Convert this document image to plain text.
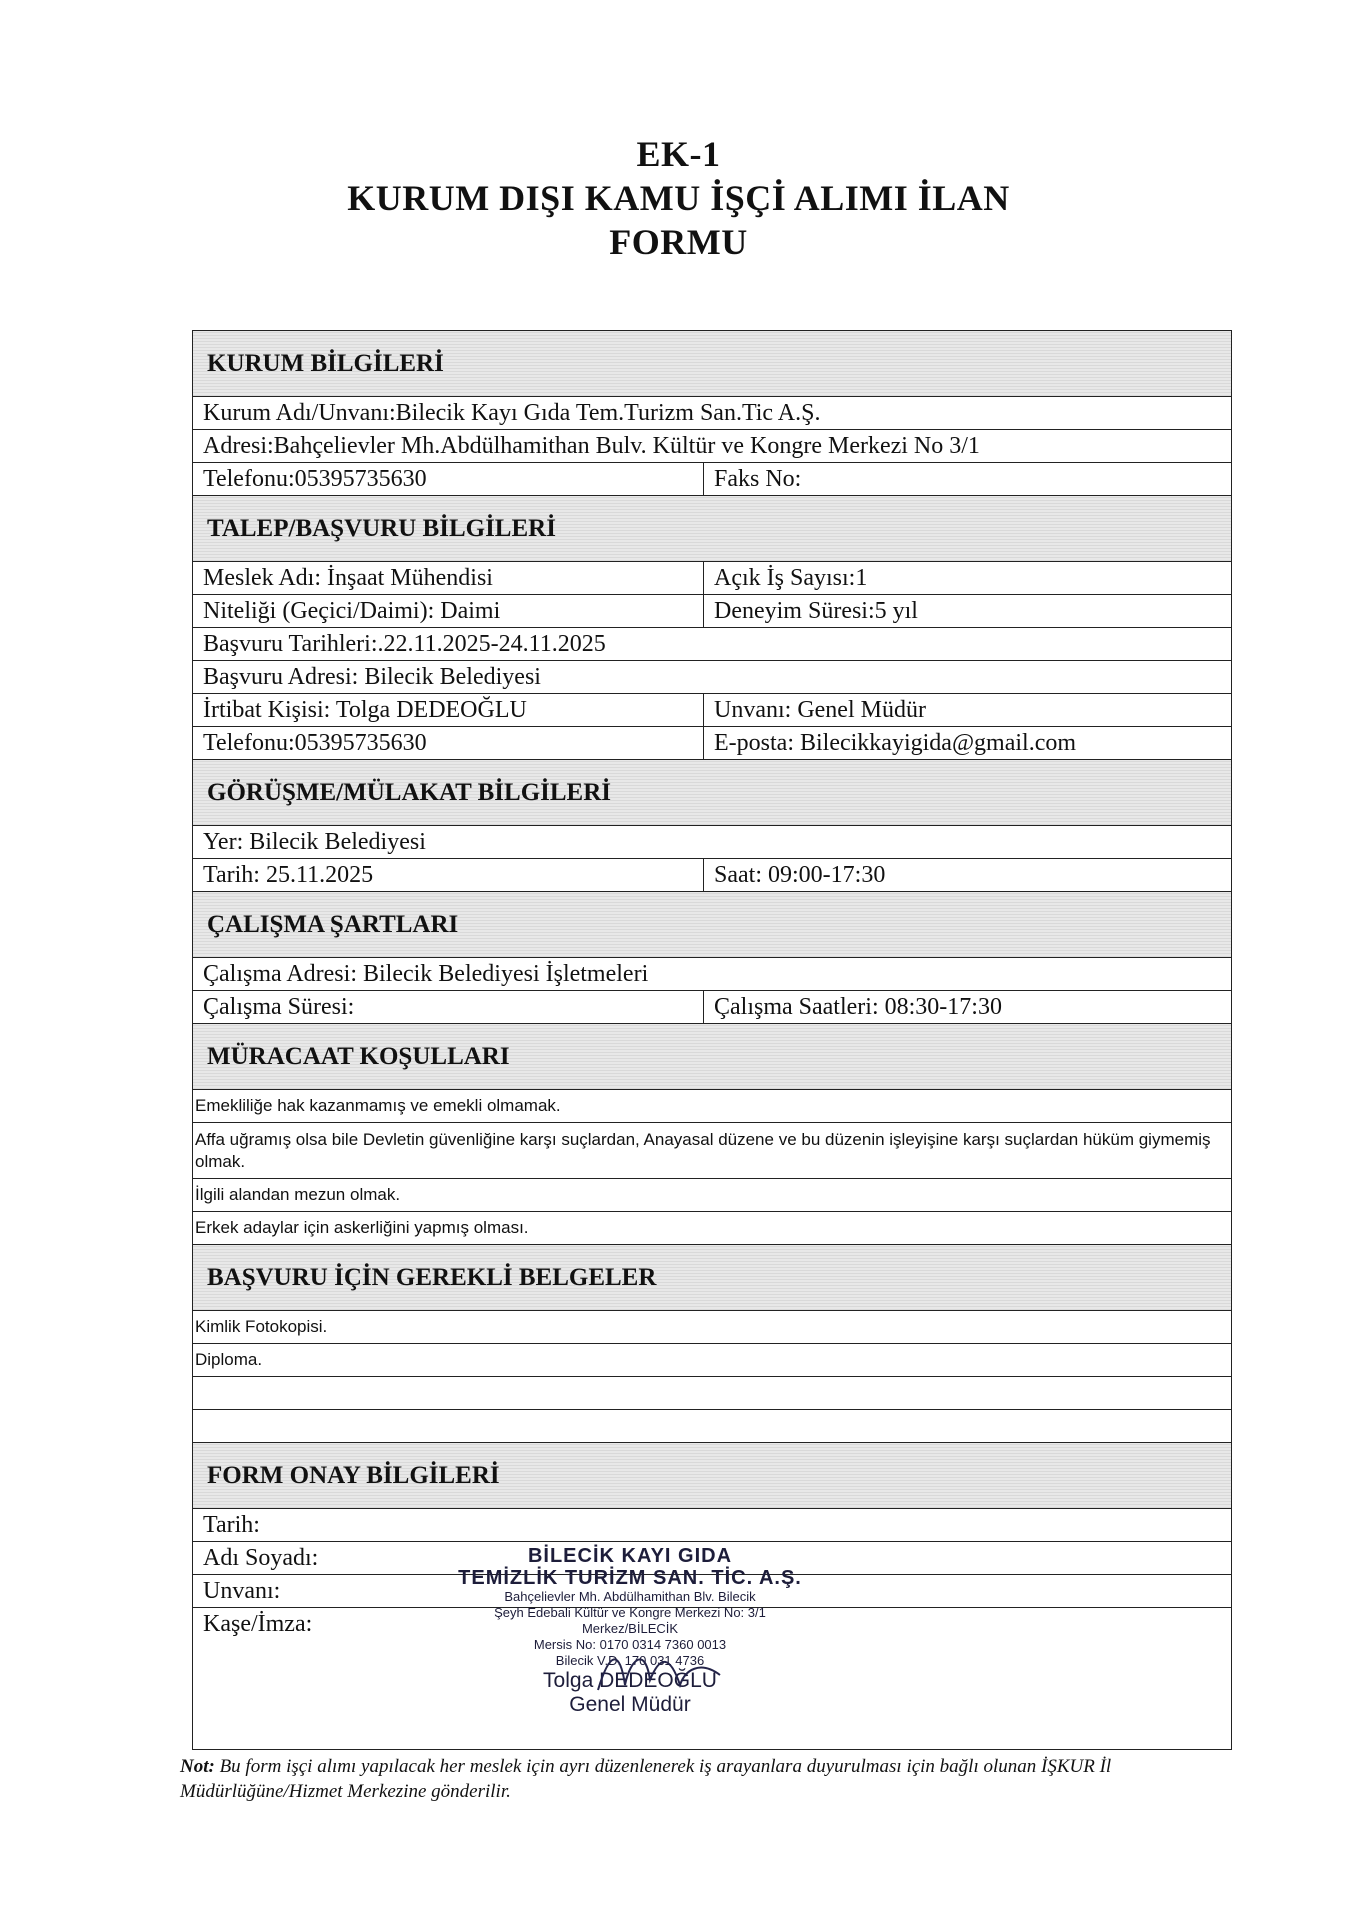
EK-1
KURUM DIŞI KAMU İŞÇİ ALIMI İLAN
FORMU
KURUM BİLGİLERİ
Kurum Adı/Unvanı:Bilecik Kayı Gıda Tem.Turizm San.Tic A.Ş.
Adresi:Bahçelievler Mh.Abdülhamithan Bulv. Kültür ve Kongre Merkezi No 3/1
Telefonu:05395735630	Faks No:
TALEP/BAŞVURU BİLGİLERİ
Meslek Adı: İnşaat Mühendisi	Açık İş Sayısı:1
Niteliği (Geçici/Daimi): Daimi	Deneyim Süresi:5 yıl
Başvuru Tarihleri:.22.11.2025-24.11.2025
Başvuru Adresi: Bilecik Belediyesi
İrtibat Kişisi: Tolga DEDEOĞLU	Unvanı: Genel Müdür
Telefonu:05395735630	E-posta: Bilecikkayigida@gmail.com
GÖRÜŞME/MÜLAKAT BİLGİLERİ
Yer: Bilecik Belediyesi
Tarih: 25.11.2025	Saat: 09:00-17:30
ÇALIŞMA ŞARTLARI
Çalışma Adresi: Bilecik Belediyesi İşletmeleri
Çalışma Süresi:	Çalışma Saatleri: 08:30-17:30
MÜRACAAT KOŞULLARI
Emekliliğe hak kazanmamış ve emekli olmamak.
Affa uğramış olsa bile Devletin güvenliğine karşı suçlardan, Anayasal düzene ve bu düzenin işleyişine karşı suçlardan hüküm giymemiş olmak.
İlgili alandan mezun olmak.
Erkek adaylar için askerliğini yapmış olması.
BAŞVURU İÇİN GEREKLİ BELGELER
Kimlik Fotokopisi.
Diploma.
FORM ONAY BİLGİLERİ
Tarih:
Adı Soyadı:
Unvanı:
Kaşe/İmza:
BİLECİK KAYI GIDA
TEMİZLİK TURİZM SAN. TİC. A.Ş.
Bahçelievler Mh. Abdülhamithan Blv. Bilecik
Şeyh Edebali Kültür ve Kongre Merkezi No: 3/1
Merkez/BİLECİK
Mersis No: 0170 0314 7360 0013
Bilecik V.D. 170 031 4736
Tolga DEDEOĞLU
Genel Müdür
Not: Bu form işçi alımı yapılacak her meslek için ayrı düzenlenerek iş arayanlara duyurulması için bağlı olunan İŞKUR İl Müdürlüğüne/Hizmet Merkezine gönderilir.
